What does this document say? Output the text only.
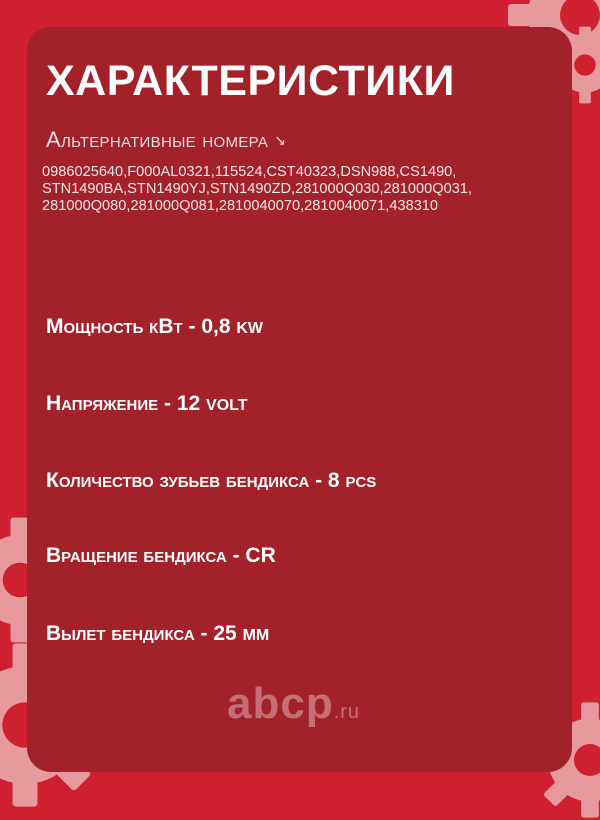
ХАРАКТЕРИСТИКИ
Альтернативные номера ↘
0986025640,F000AL0321,115524,CST40323,DSN988,CS1490, STN1490BA,STN1490YJ,STN1490ZD,281000Q030,281000Q031, 281000Q080,281000Q081,2810040070,2810040071,438310
Мощность кВт - 0,8 KW
Напряжение - 12 VOLT
Количество зубьев бендикса - 8 PCS
Вращение бендикса - CR
Вылет бендикса - 25 ММ
abcp.ru
